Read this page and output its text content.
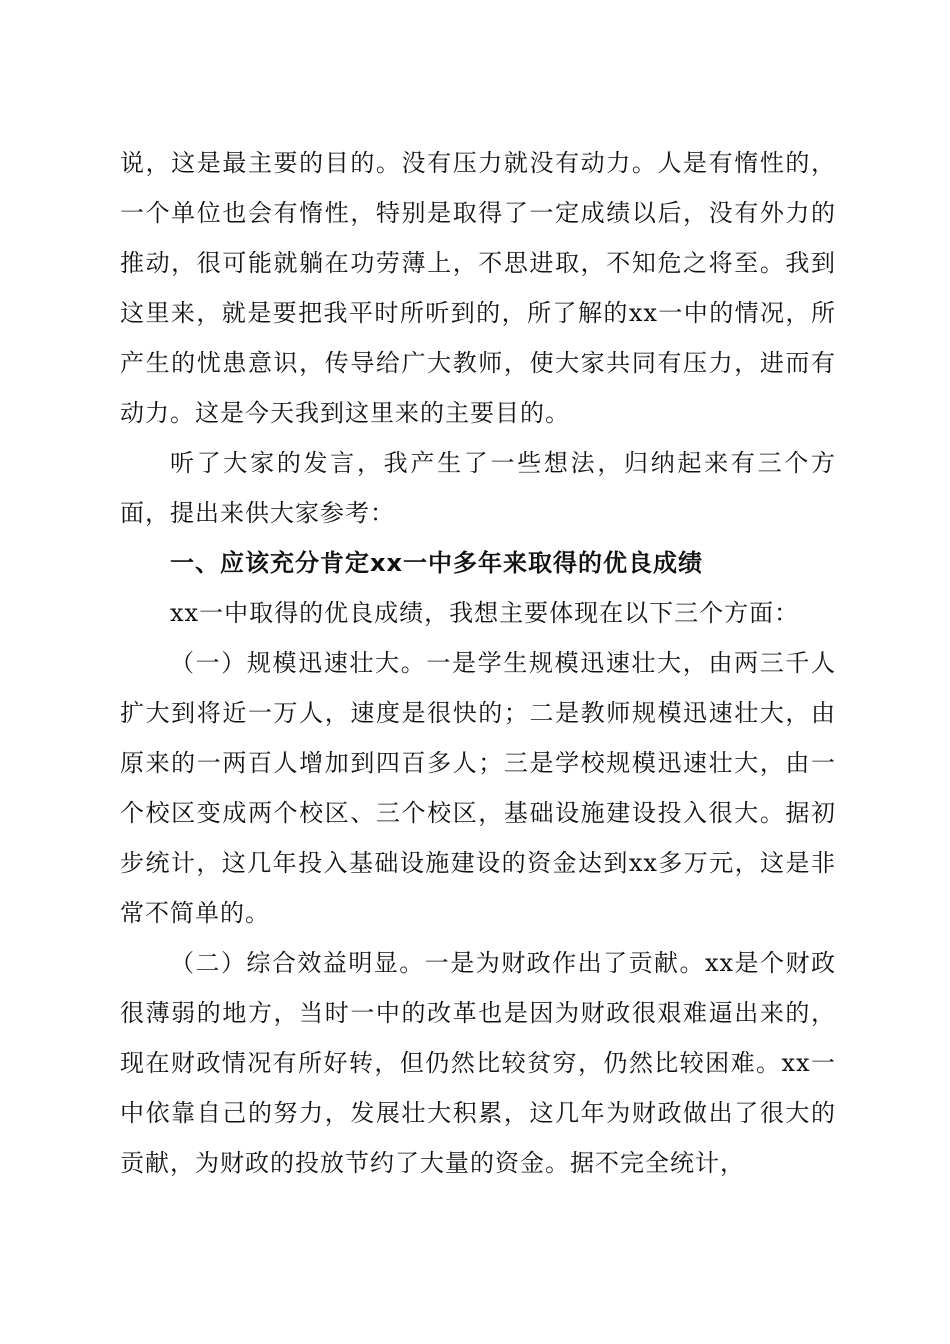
说，这是最主要的目的。没有压力就没有动力。人是有惰性的，一个单位也会有惰性，特别是取得了一定成绩以后，没有外力的推动，很可能就躺在功劳薄上，不思进取，不知危之将至。我到这里来，就是要把我平时所听到的，所了解的xx一中的情况，所产生的忧患意识，传导给广大教师，使大家共同有压力，进而有动力。这是今天我到这里来的主要目的。

听了大家的发言，我产生了一些想法，归纳起来有三个方面，提出来供大家参考：

一、应该充分肯定xx一中多年来取得的优良成绩

xx一中取得的优良成绩，我想主要体现在以下三个方面：

（一）规模迅速壮大。一是学生规模迅速壮大，由两三千人扩大到将近一万人，速度是很快的；二是教师规模迅速壮大，由原来的一两百人增加到四百多人；三是学校规模迅速壮大，由一个校区变成两个校区、三个校区，基础设施建设投入很大。据初步统计，这几年投入基础设施建设的资金达到xx多万元，这是非常不简单的。

（二）综合效益明显。一是为财政作出了贡献。xx是个财政很薄弱的地方，当时一中的改革也是因为财政很艰难逼出来的，现在财政情况有所好转，但仍然比较贫穷，仍然比较困难。xx一中依靠自己的努力，发展壮大积累，这几年为财政做出了很大的贡献，为财政的投放节约了大量的资金。据不完全统计，
